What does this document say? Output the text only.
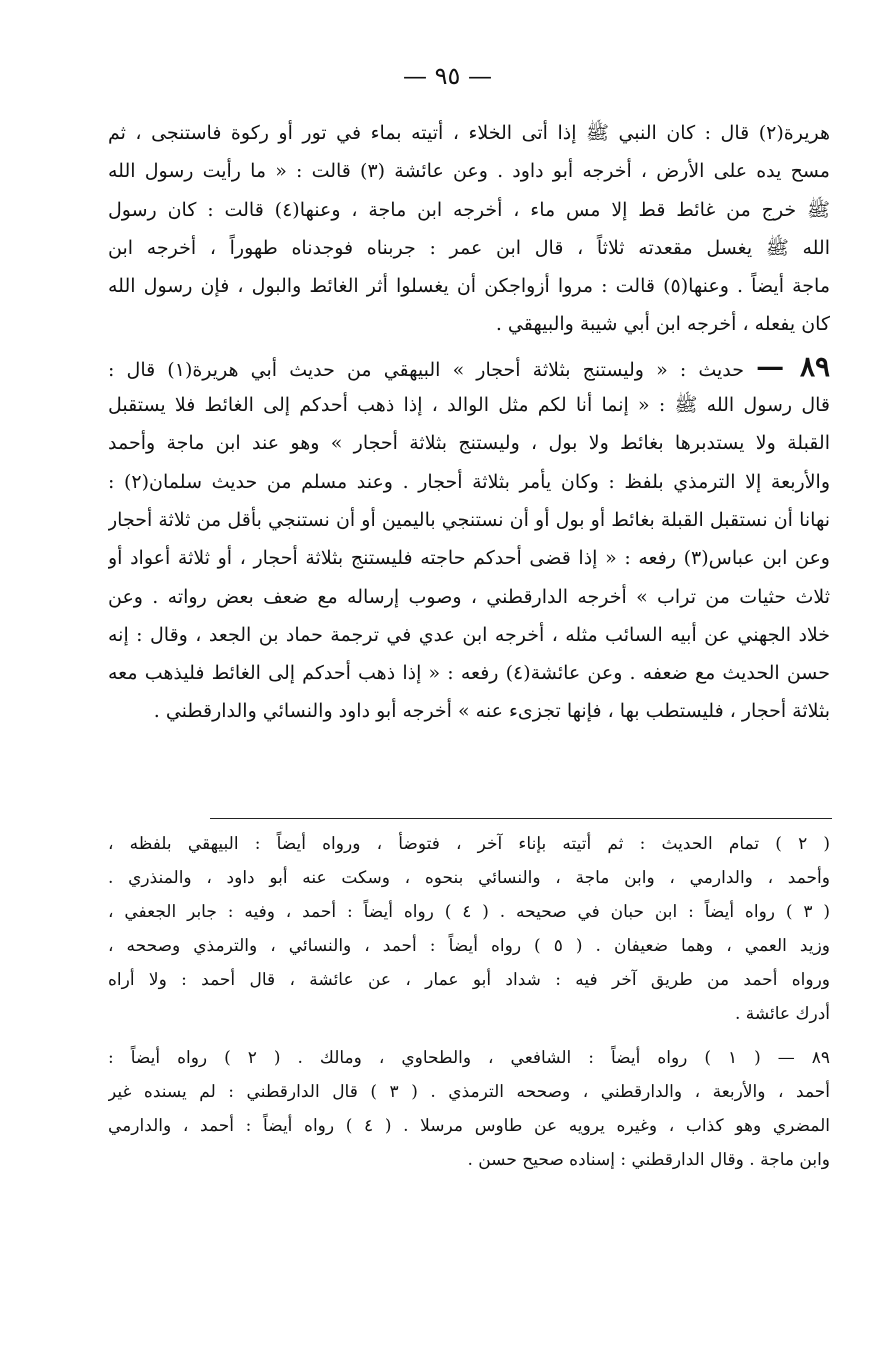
— ٩٥ —
هريرة(٢) قال : كان النبي ﷺ إذا أتى الخلاء ، أتيته بماء في تور أو ركوة فاستنجى ، ثم
مسح يده على الأرض ، أخرجه أبو داود . وعن عائشة (٣) قالت : « ما رأيت رسول الله
ﷺ خرج من غائط قط إلا مس ماء ، أخرجه ابن ماجة ، وعنها(٤) قالت : كان رسول
الله ﷺ يغسل مقعدته ثلاثاً ، قال ابن عمر : جربناه فوجدناه طهوراً ، أخرجه ابن
ماجة أيضاً . وعنها(٥) قالت : مروا أزواجكن أن يغسلوا أثر الغائط والبول ، فإن رسول الله
كان يفعله ، أخرجه ابن أبي شيبة والبيهقي .
٨٩ — حديث : « وليستنج بثلاثة أحجار » البيهقي من حديث أبي هريرة(١) قال :
قال رسول الله ﷺ : « إنما أنا لكم مثل الوالد ، إذا ذهب أحدكم إلى الغائط فلا يستقبل
القبلة ولا يستدبرها بغائط ولا بول ، وليستنج بثلاثة أحجار » وهو عند ابن ماجة وأحمد
والأربعة إلا الترمذي بلفظ : وكان يأمر بثلاثة أحجار . وعند مسلم من حديث سلمان(٢) :
نهانا أن نستقبل القبلة بغائط أو بول أو أن نستنجي باليمين أو أن نستنجي بأقل من ثلاثة أحجار
وعن ابن عباس(٣) رفعه : « إذا قضى أحدكم حاجته فليستنج بثلاثة أحجار ، أو ثلاثة أعواد أو
ثلاث حثيات من تراب » أخرجه الدارقطني ، وصوب إرساله مع ضعف بعض رواته . وعن
خلاد الجهني عن أبيه السائب مثله ، أخرجه ابن عدي في ترجمة حماد بن الجعد ، وقال : إنه
حسن الحديث مع ضعفه . وعن عائشة(٤) رفعه : « إذا ذهب أحدكم إلى الغائط فليذهب معه
بثلاثة أحجار ، فليستطب بها ، فإنها تجزىء عنه » أخرجه أبو داود والنسائي والدارقطني .
( ٢ ) تمام الحديث : ثم أتيته بإناء آخر ، فتوضأ ، ورواه أيضاً : البيهقي بلفظه ،
وأحمد ، والدارمي ، وابن ماجة ، والنسائي بنحوه ، وسكت عنه أبو داود ، والمنذري .
( ٣ ) رواه أيضاً : ابن حبان في صحيحه . ( ٤ ) رواه أيضاً : أحمد ، وفيه : جابر الجعفي ،
وزيد العمي ، وهما ضعيفان . ( ٥ ) رواه أيضاً : أحمد ، والنسائي ، والترمذي وصححه ،
ورواه أحمد من طريق آخر فيه : شداد أبو عمار ، عن عائشة ، قال أحمد : ولا أراه
أدرك عائشة .
٨٩ — ( ١ ) رواه أيضاً : الشافعي ، والطحاوي ، ومالك . ( ٢ ) رواه أيضاً :
أحمد ، والأربعة ، والدارقطني ، وصححه الترمذي . ( ٣ ) قال الدارقطني : لم يسنده غير
المضري وهو كذاب ، وغيره يرويه عن طاوس مرسلا . ( ٤ ) رواه أيضاً : أحمد ، والدارمي
وابن ماجة . وقال الدارقطني : إسناده صحيح حسن .
